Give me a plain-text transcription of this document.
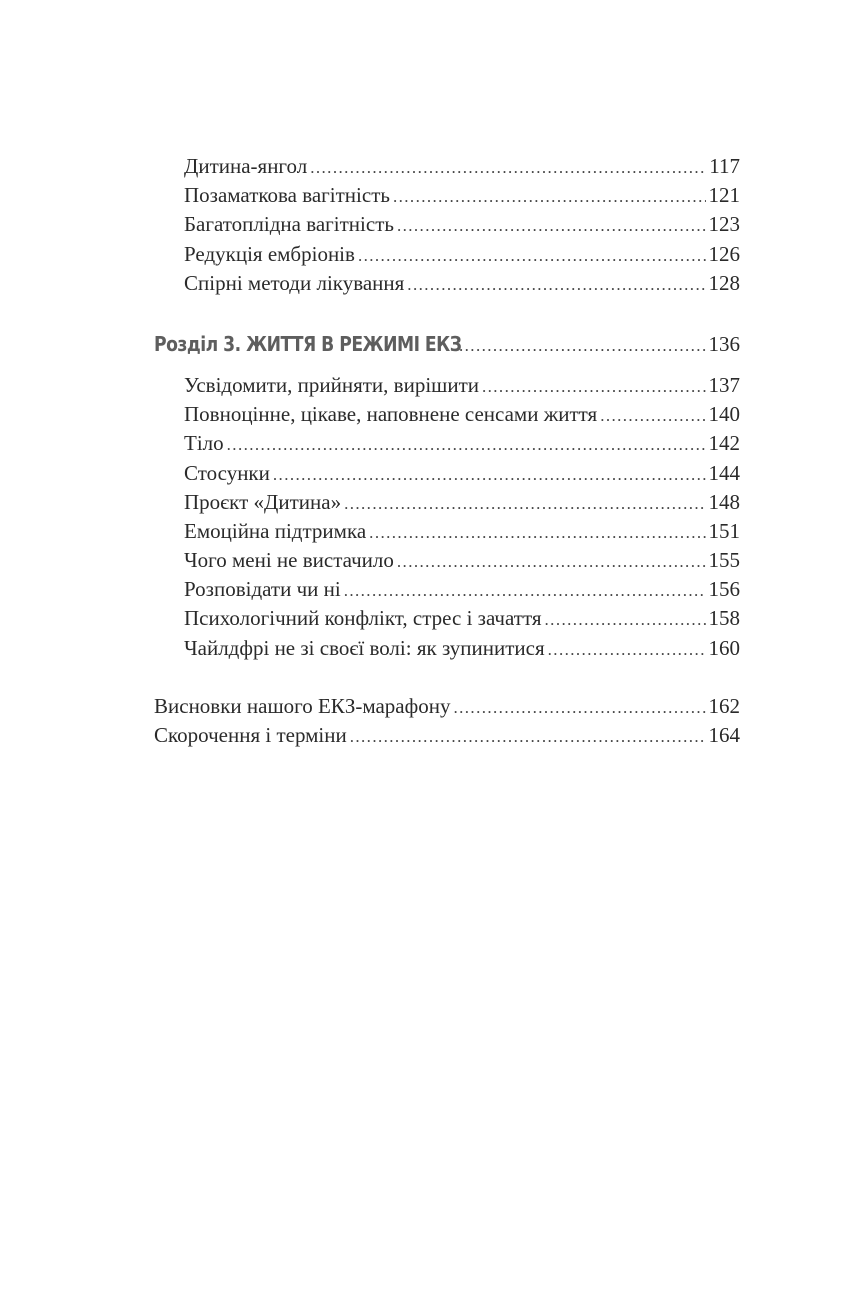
Дитина-янгол .....	117
Позаматкова вагітність .....	121
Багатоплідна вагітність .....	123
Редукція ембріонів .....	126
Спірні методи лікування .....	128
Розділ 3. ЖИТТЯ В РЕЖИМІ ЕКЗ .....	136
Усвідомити, прийняти, вирішити .....	137
Повноцінне, цікаве, наповнене сенсами життя .....	140
Тіло .....	142
Стосунки .....	144
Проєкт «Дитина» .....	148
Емоційна підтримка .....	151
Чого мені не вистачило .....	155
Розповідати чи ні .....	156
Психологічний конфлікт, стрес і зачаття .....	158
Чайлдфрі не зі своєї волі: як зупинитися .....	160
Висновки нашого ЕКЗ-марафону .....	162
Скорочення і терміни .....	164
